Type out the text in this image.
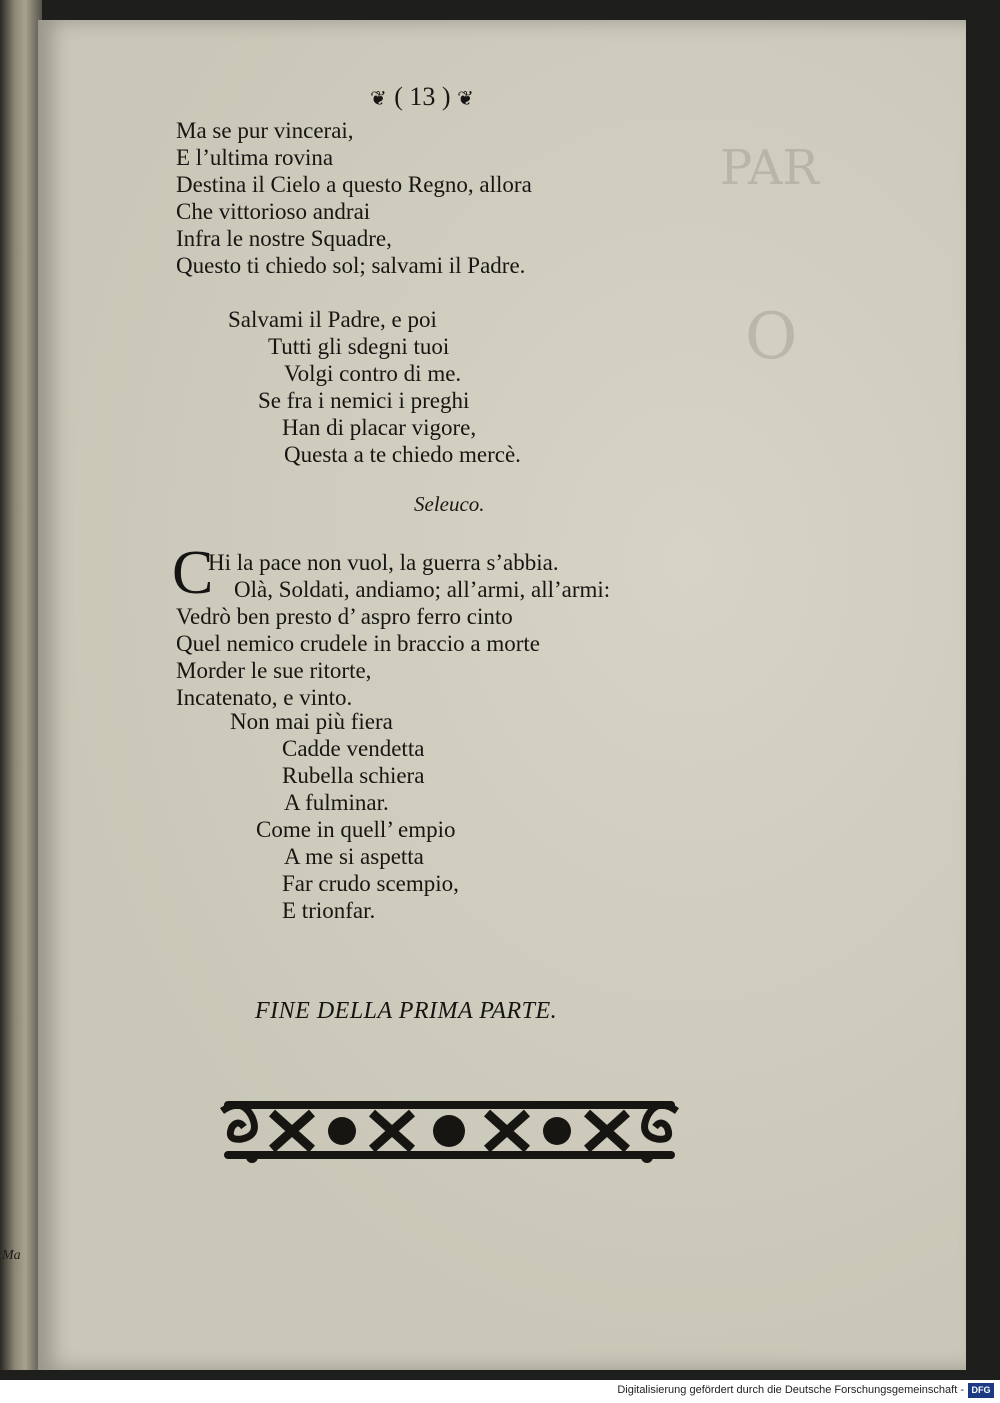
Ma
❦ ( 13 ) ❦
Ma se pur vincerai,
E l’ultima rovina
Destina il Cielo a questo Regno, allora
Che vittorioso andrai
Infra le nostre Squadre,
Questo ti chiedo sol; salvami il Padre.
Salvami il Padre, e poi
Tutti gli sdegni tuoi
Volgi contro di me.
Se fra i nemici i preghi
Han di placar vigore,
Questa a te chiedo mercè.
Seleuco.
C
Hi la pace non vuol, la guerra s’abbia.
Olà, Soldati, andiamo; all’armi, all’armi:
Vedrò ben presto d’ aspro ferro cinto
Quel nemico crudele in braccio a morte
Morder le sue ritorte,
Incatenato, e vinto.
Non mai più fiera
Cadde vendetta
Rubella schiera
A fulminar.
Come in quell’ empio
A me si aspetta
Far crudo scempio,
E trionfar.
FINE DELLA PRIMA PARTE.
Digitalisierung gefördert durch die Deutsche Forschungsgemeinschaft - DFG
